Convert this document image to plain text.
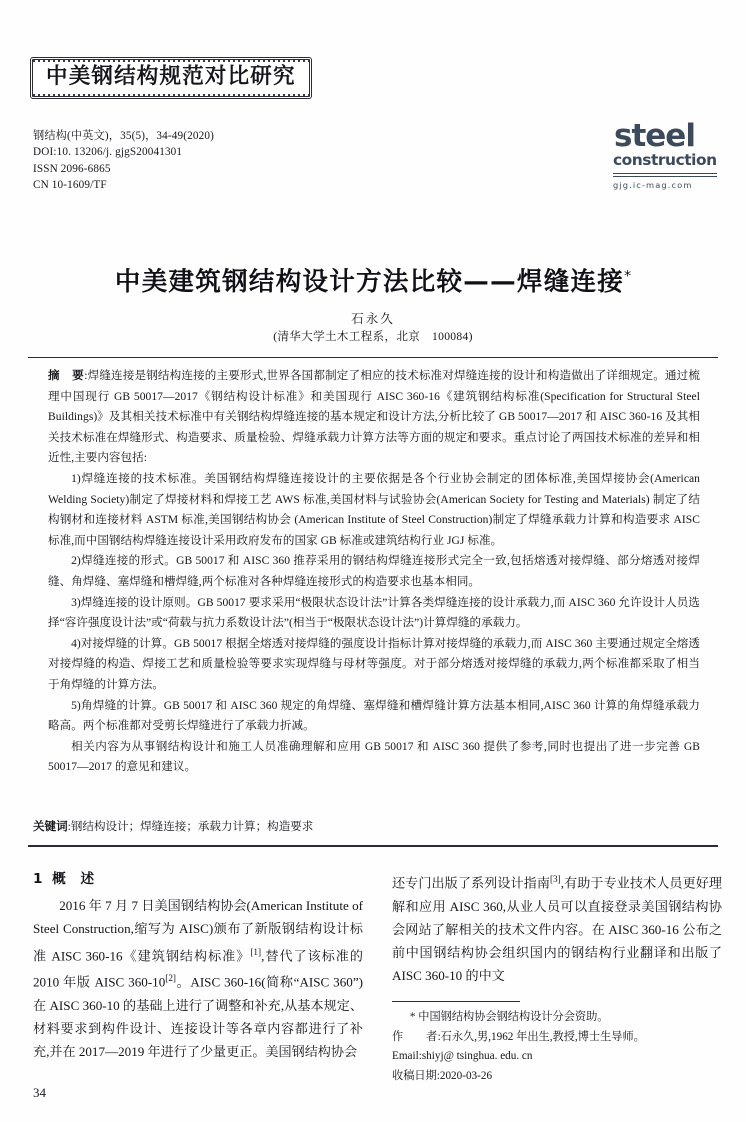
中美钢结构规范对比研究
钢结构(中英文)，35(5)，34-49(2020)
DOI:10. 13206/j. gjgS20041301
ISSN 2096-6865
CN 10-1609/TF
steel
construction
gjg.ic-mag.com
中美建筑钢结构设计方法比较——焊缝连接*
石永久
(清华大学土木工程系，北京　100084)

摘　要:焊缝连接是钢结构连接的主要形式,世界各国都制定了相应的技术标准对焊缝连接的设计和构造做出了详细规定。通过梳理中国现行 GB 50017—2017《钢结构设计标准》和美国现行 AISC 360-16《建筑钢结构标准(Specification for Structural Steel Buildings)》及其相关技术标准中有关钢结构焊缝连接的基本规定和设计方法,分析比较了 GB 50017—2017 和 AISC 360-16 及其相关技术标准在焊缝形式、构造要求、质量检验、焊缝承载力计算方法等方面的规定和要求。重点讨论了两国技术标准的差异和相近性,主要内容包括:

1)焊缝连接的技术标准。美国钢结构焊缝连接设计的主要依据是各个行业协会制定的团体标准,美国焊接协会(American Welding Society)制定了焊接材料和焊接工艺 AWS 标准,美国材料与试验协会(American Society for Testing and Materials) 制定了结构钢材和连接材料 ASTM 标准,美国钢结构协会 (American Institute of Steel Construction)制定了焊缝承载力计算和构造要求 AISC 标准,而中国钢结构焊缝连接设计采用政府发布的国家 GB 标准或建筑结构行业 JGJ 标准。

2)焊缝连接的形式。GB 50017 和 AISC 360 推荐采用的钢结构焊缝连接形式完全一致,包括熔透对接焊缝、部分熔透对接焊缝、角焊缝、塞焊缝和槽焊缝,两个标准对各种焊缝连接形式的构造要求也基本相同。

3)焊缝连接的设计原则。GB 50017 要求采用“极限状态设计法”计算各类焊缝连接的设计承载力,而 AISC 360 允许设计人员选择“容许强度设计法”或“荷载与抗力系数设计法”(相当于“极限状态设计法”)计算焊缝的承载力。

4)对接焊缝的计算。GB 50017 根据全熔透对接焊缝的强度设计指标计算对接焊缝的承载力,而 AISC 360 主要通过规定全熔透对接焊缝的构造、焊接工艺和质量检验等要求实现焊缝与母材等强度。对于部分熔透对接焊缝的承载力,两个标准都采取了相当于角焊缝的计算方法。

5)角焊缝的计算。GB 50017 和 AISC 360 规定的角焊缝、塞焊缝和槽焊缝计算方法基本相同,AISC 360 计算的角焊缝承载力略高。两个标准都对受剪长焊缝进行了承载力折减。

相关内容为从事钢结构设计和施工人员准确理解和应用 GB 50017 和 AISC 360 提供了参考,同时也提出了进一步完善 GB 50017—2017 的意见和建议。

关键词:钢结构设计；焊缝连接；承载力计算；构造要求
1 概　述

2016 年 7 月 7 日美国钢结构协会(American Institute of Steel Construction,缩写为 AISC)颁布了新版钢结构设计标准 AISC 360-16《建筑钢结构标准》[1],替代了该标准的 2010 年版 AISC 360-10[2]。AISC 360-16(简称“AISC 360”)在 AISC 360-10 的基础上进行了调整和补充,从基本规定、材料要求到构件设计、连接设计等各章内容都进行了补充,并在 2017—2019 年进行了少量更正。美国钢结构协会

还专门出版了系列设计指南[3],有助于专业技术人员更好理解和应用 AISC 360,从业人员可以直接登录美国钢结构协会网站了解相关的技术文件内容。在 AISC 360-16 公布之前中国钢结构协会组织国内的钢结构行业翻译和出版了 AISC 360-10 的中文

* 中国钢结构协会钢结构设计分会资助。

作　　者:石永久,男,1962 年出生,教授,博士生导师。

Email:shiyj@ tsinghua. edu. cn

收稿日期:2020-03-26

34
